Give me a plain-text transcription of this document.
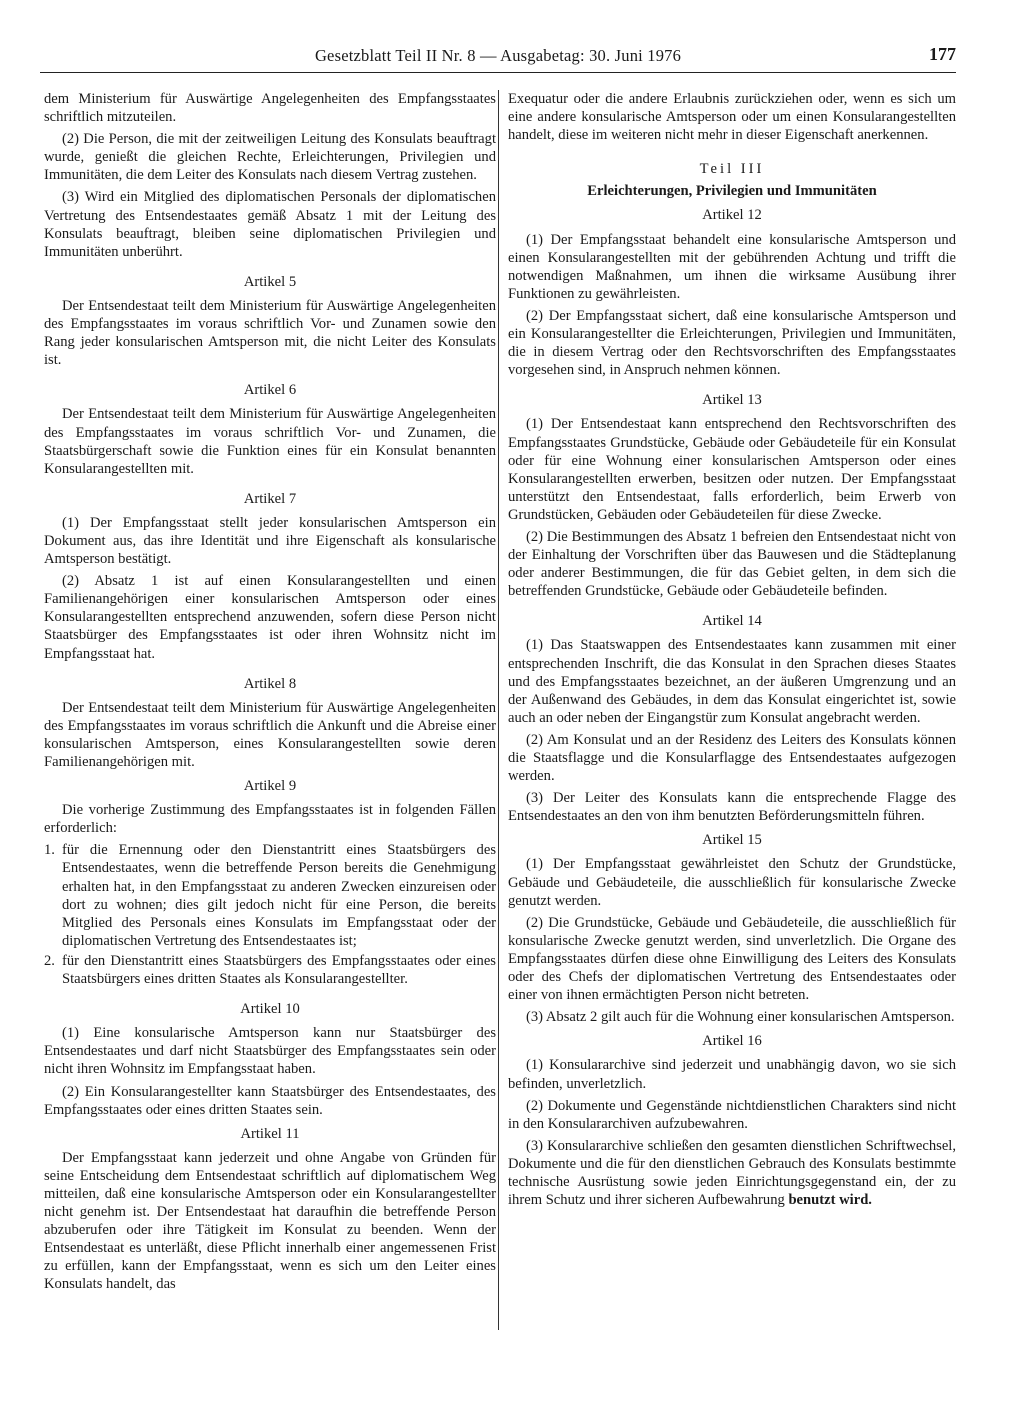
Gesetzblatt Teil II Nr. 8 — Ausgabetag: 30. Juni 1976	177

dem Ministerium für Auswärtige Angelegenheiten des Empfangsstaates schriftlich mitzuteilen.

(2) Die Person, die mit der zeitweiligen Leitung des Konsulats beauftragt wurde, genießt die gleichen Rechte, Erleichterungen, Privilegien und Immunitäten, die dem Leiter des Konsulats nach diesem Vertrag zustehen.

(3) Wird ein Mitglied des diplomatischen Personals der diplomatischen Vertretung des Entsendestaates gemäß Absatz 1 mit der Leitung des Konsulats beauftragt, bleiben seine diplomatischen Privilegien und Immunitäten unberührt.

Artikel 5

Der Entsendestaat teilt dem Ministerium für Auswärtige Angelegenheiten des Empfangsstaates im voraus schriftlich Vor- und Zunamen sowie den Rang jeder konsularischen Amtsperson mit, die nicht Leiter des Konsulats ist.

Artikel 6

Der Entsendestaat teilt dem Ministerium für Auswärtige Angelegenheiten des Empfangsstaates im voraus schriftlich Vor- und Zunamen, die Staatsbürgerschaft sowie die Funktion eines für ein Konsulat benannten Konsularangestellten mit.

Artikel 7

(1) Der Empfangsstaat stellt jeder konsularischen Amtsperson ein Dokument aus, das ihre Identität und ihre Eigenschaft als konsularische Amtsperson bestätigt.

(2) Absatz 1 ist auf einen Konsularangestellten und einen Familienangehörigen einer konsularischen Amtsperson oder eines Konsularangestellten entsprechend anzuwenden, sofern diese Person nicht Staatsbürger des Empfangsstaates ist oder ihren Wohnsitz nicht im Empfangsstaat hat.

Artikel 8

Der Entsendestaat teilt dem Ministerium für Auswärtige Angelegenheiten des Empfangsstaates im voraus schriftlich die Ankunft und die Abreise einer konsularischen Amtsperson, eines Konsularangestellten sowie deren Familienangehörigen mit.

Artikel 9

Die vorherige Zustimmung des Empfangsstaates ist in folgenden Fällen erforderlich:

1. für die Ernennung oder den Dienstantritt eines Staatsbürgers des Entsendestaates, wenn die betreffende Person bereits die Genehmigung erhalten hat, in den Empfangsstaat zu anderen Zwecken einzureisen oder dort zu wohnen; dies gilt jedoch nicht für eine Person, die bereits Mitglied des Personals eines Konsulats im Empfangsstaat oder der diplomatischen Vertretung des Entsendestaates ist;
2. für den Dienstantritt eines Staatsbürgers des Empfangsstaates oder eines Staatsbürgers eines dritten Staates als Konsularangestellter.
Artikel 10

(1) Eine konsularische Amtsperson kann nur Staatsbürger des Entsendestaates und darf nicht Staatsbürger des Empfangsstaates sein oder nicht ihren Wohnsitz im Empfangsstaat haben.

(2) Ein Konsularangestellter kann Staatsbürger des Entsendestaates, des Empfangsstaates oder eines dritten Staates sein.

Artikel 11

Der Empfangsstaat kann jederzeit und ohne Angabe von Gründen für seine Entscheidung dem Entsendestaat schriftlich auf diplomatischem Weg mitteilen, daß eine konsularische Amtsperson oder ein Konsularangestellter nicht genehm ist. Der Entsendestaat hat daraufhin die betreffende Person abzuberufen oder ihre Tätigkeit im Konsulat zu beenden. Wenn der Entsendestaat es unterläßt, diese Pflicht innerhalb einer angemessenen Frist zu erfüllen, kann der Empfangsstaat, wenn es sich um den Leiter eines Konsulats handelt, das

Exequatur oder die andere Erlaubnis zurückziehen oder, wenn es sich um eine andere konsularische Amtsperson oder um einen Konsularangestellten handelt, diese im weiteren nicht mehr in dieser Eigenschaft anerkennen.

Teil III
Erleichterungen, Privilegien und Immunitäten
Artikel 12

(1) Der Empfangsstaat behandelt eine konsularische Amtsperson und einen Konsularangestellten mit der gebührenden Achtung und trifft die notwendigen Maßnahmen, um ihnen die wirksame Ausübung ihrer Funktionen zu gewährleisten.

(2) Der Empfangsstaat sichert, daß eine konsularische Amtsperson und ein Konsularangestellter die Erleichterungen, Privilegien und Immunitäten, die in diesem Vertrag oder den Rechtsvorschriften des Empfangsstaates vorgesehen sind, in Anspruch nehmen können.

Artikel 13

(1) Der Entsendestaat kann entsprechend den Rechtsvorschriften des Empfangsstaates Grundstücke, Gebäude oder Gebäudeteile für ein Konsulat oder für eine Wohnung einer konsularischen Amtsperson oder eines Konsularangestellten erwerben, besitzen oder nutzen. Der Empfangsstaat unterstützt den Entsendestaat, falls erforderlich, beim Erwerb von Grundstücken, Gebäuden oder Gebäudeteilen für diese Zwecke.

(2) Die Bestimmungen des Absatz 1 befreien den Entsendestaat nicht von der Einhaltung der Vorschriften über das Bauwesen und die Städteplanung oder anderer Bestimmungen, die für das Gebiet gelten, in dem sich die betreffenden Grundstücke, Gebäude oder Gebäudeteile befinden.

Artikel 14

(1) Das Staatswappen des Entsendestaates kann zusammen mit einer entsprechenden Inschrift, die das Konsulat in den Sprachen dieses Staates und des Empfangsstaates bezeichnet, an der äußeren Umgrenzung und an der Außenwand des Gebäudes, in dem das Konsulat eingerichtet ist, sowie auch an oder neben der Eingangstür zum Konsulat angebracht werden.

(2) Am Konsulat und an der Residenz des Leiters des Konsulats können die Staatsflagge und die Konsularflagge des Entsendestaates aufgezogen werden.

(3) Der Leiter des Konsulats kann die entsprechende Flagge des Entsendestaates an den von ihm benutzten Beförderungsmitteln führen.

Artikel 15

(1) Der Empfangsstaat gewährleistet den Schutz der Grundstücke, Gebäude und Gebäudeteile, die ausschließlich für konsularische Zwecke genutzt werden.

(2) Die Grundstücke, Gebäude und Gebäudeteile, die ausschließlich für konsularische Zwecke genutzt werden, sind unverletzlich. Die Organe des Empfangsstaates dürfen diese ohne Einwilligung des Leiters des Konsulats oder des Chefs der diplomatischen Vertretung des Entsendestaates oder einer von ihnen ermächtigten Person nicht betreten.

(3) Absatz 2 gilt auch für die Wohnung einer konsularischen Amtsperson.

Artikel 16

(1) Konsulararchive sind jederzeit und unabhängig davon, wo sie sich befinden, unverletzlich.

(2) Dokumente und Gegenstände nichtdienstlichen Charakters sind nicht in den Konsulararchiven aufzubewahren.

(3) Konsulararchive schließen den gesamten dienstlichen Schriftwechsel, Dokumente und die für den dienstlichen Gebrauch des Konsulats bestimmte technische Ausrüstung sowie jeden Einrichtungsgegenstand ein, der zu ihrem Schutz und ihrer sicheren Aufbewahrung benutzt wird.
